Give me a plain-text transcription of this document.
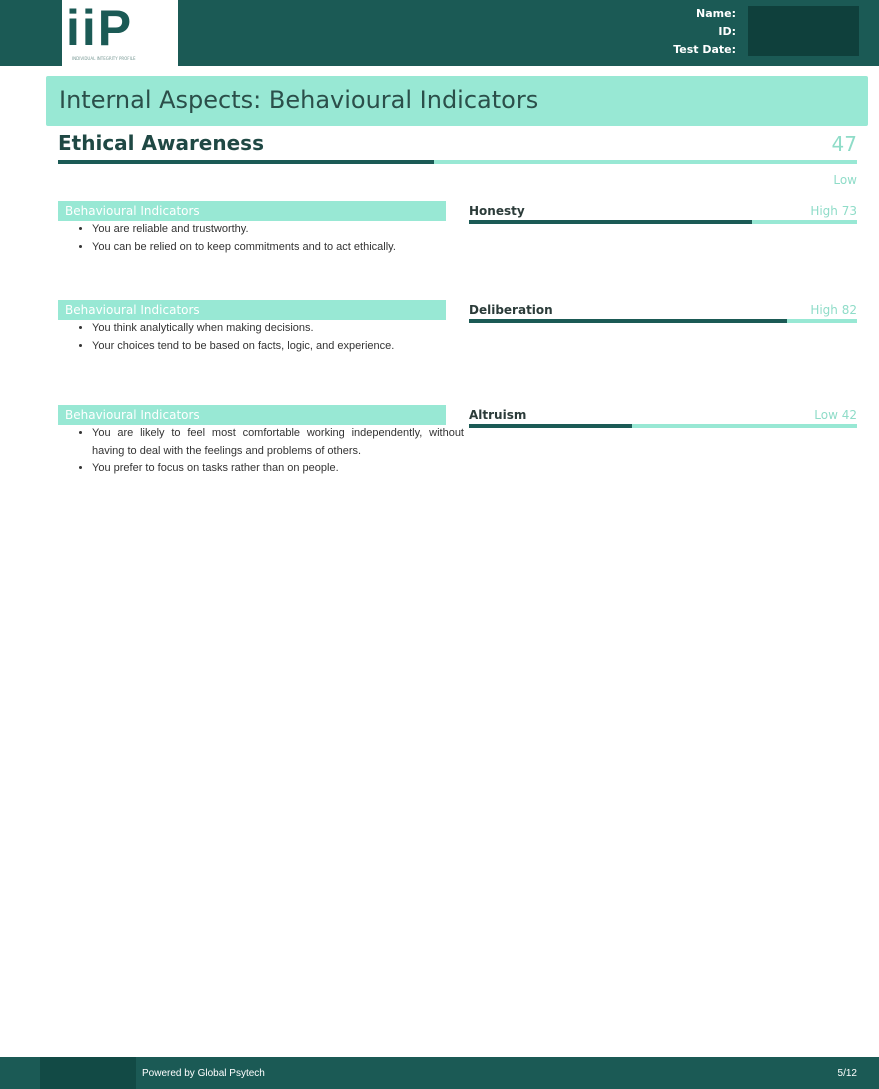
iiP
INDIVIDUAL INTEGRITY PROFILE
Name:
ID:
Test Date:
Internal Aspects: Behavioural Indicators
Ethical Awareness	47
Low
Behavioural Indicators
• You are reliable and trustworthy.
• You can be relied on to keep commitments and to act ethically.
Honesty	High 73
Behavioural Indicators
• You think analytically when making decisions.
• Your choices tend to be based on facts, logic, and experience.
Deliberation	High 82
Behavioural Indicators
• You are likely to feel most comfortable working independently, without having to deal with the feelings and problems of others.
• You prefer to focus on tasks rather than on people.
Altruism	Low 42
Powered by Global Psytech	5/12
